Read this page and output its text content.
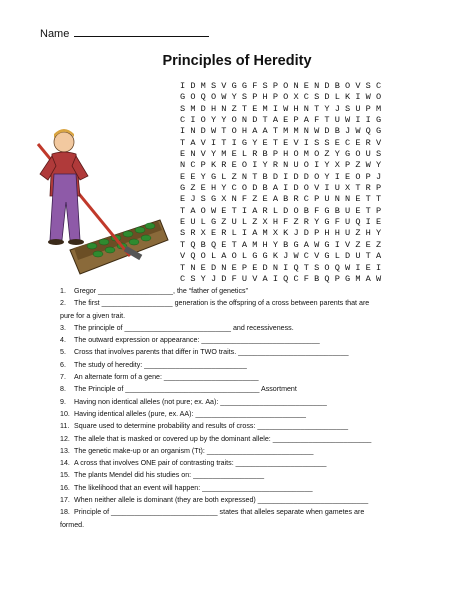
Name
Principles of Heredity
I D M S V G G F S P O N E N D B O V S C
G O Q O W Y S P H P O X C S D L K I W O
S M D H N Z T E M I W H N T Y J S U P M
C I O Y Y O N D T A E P A F T U W I I G
I N D W T O H A A T M M N W D B J W Q G
T A V I T I G Y E T E V I S S E C E R V
E N V Y M E L R B P H O M O Z Y G O U S
N C P K R E O I Y R N U O I Y X P Z W Y
E E Y G L Z N T B D I D D O Y I E O P J
G Z E H Y C O D B A I D O V I U X T R P
E J S G X N F Z E A B R C P U N N E T T
T A O W E T I A R L D O B F G B U E T P
E U L G Z U L Z X H F Z R Y G F U Q I E
S R X E R L I A M X K J D P H H U Z H Y
T Q B Q E T A M H Y B G A W G I V Z E Z
V Q O L A O L G G K J W C V G L D U T A
T N E D N E P E D N I Q T S O Q W I E I
C S Y J D F U V A I Q C F B Q P G M A W
1.	Gregor ___________________, the “father of genetics”
2.	The first __________________ generation is the offspring of a cross between parents that are
pure for a given trait.
3.	The principle of ___________________________ and recessiveness.
4.	The outward expression or appearance: ______________________________
5.	Cross that involves parents that differ in TWO traits. ____________________________
6.	The study of heredity: __________________________
7.	An alternate form of a gene: ________________________
8.	The Principle of __________________________________ Assortment
9.	Having non identical alleles (not pure; ex. Aa): ___________________________
10. Having identical alleles (pure, ex. AA): ____________________________
11. Square used to determine probability and results of cross: _______________________
12. The allele that is masked or covered up by the dominant allele: _________________________
13. The genetic make-up or an organism (Tt): ___________________________
14. A cross that involves ONE pair of contrasting traits: _______________________
15. The plants Mendel did his studies on: __________________
16. The likelihood that an event will happen: ____________________________
17. When neither allele is dominant (they are both expressed) ____________________________
18. Principle of ___________________________ states that alleles separate when gametes are
formed.
